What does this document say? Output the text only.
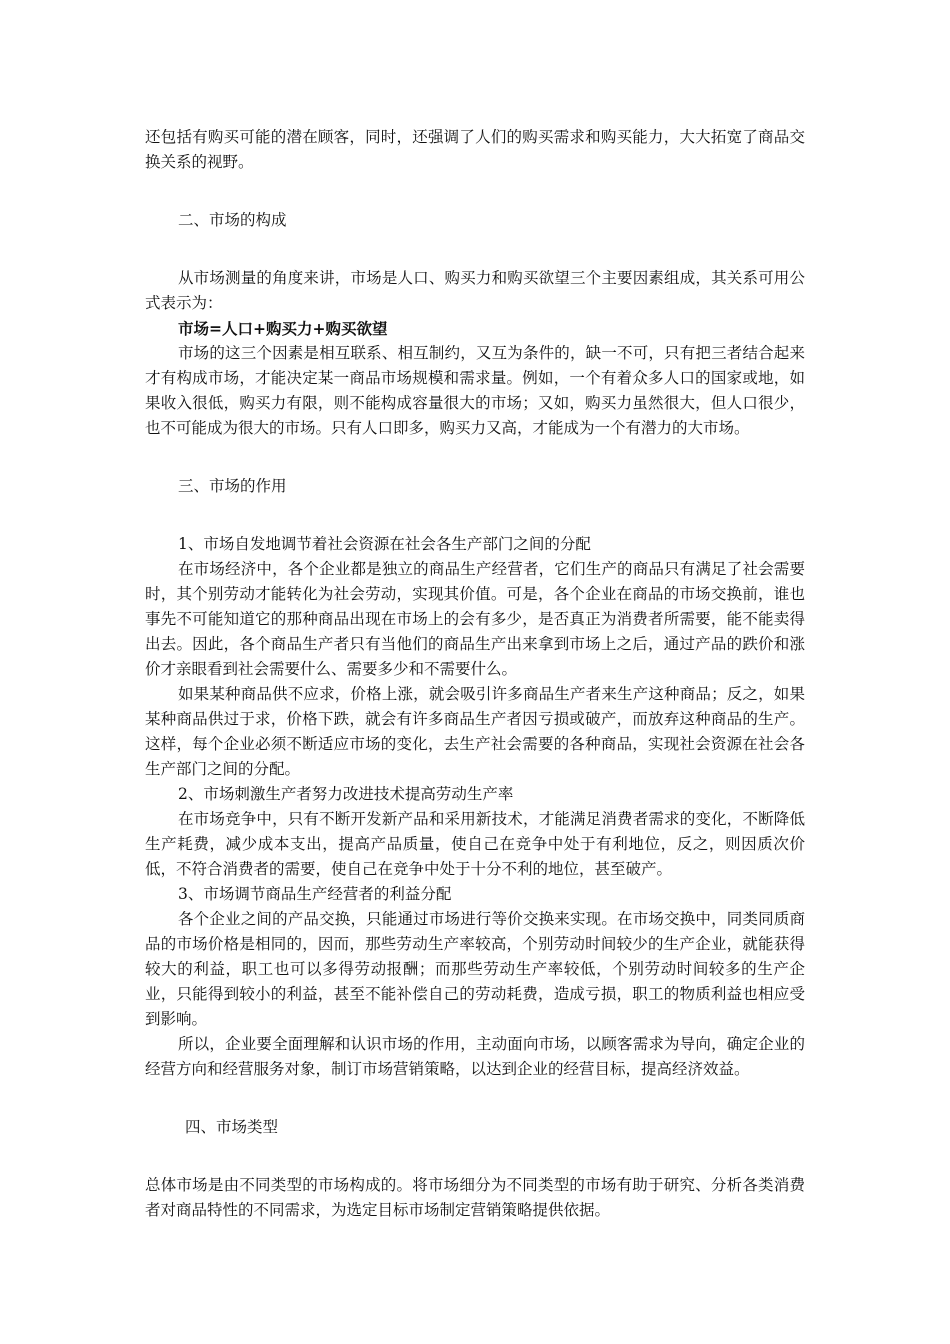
还包括有购买可能的潜在顾客，同时，还强调了人们的购买需求和购买能力，大大拓宽了商品交换关系的视野。

二、市场的构成

从市场测量的角度来讲，市场是人口、购买力和购买欲望三个主要因素组成，其关系可用公式表示为：

市场=人口+购买力+购买欲望

市场的这三个因素是相互联系、相互制约，又互为条件的，缺一不可，只有把三者结合起来才有构成市场，才能决定某一商品市场规模和需求量。例如，一个有着众多人口的国家或地，如果收入很低，购买力有限，则不能构成容量很大的市场；又如，购买力虽然很大，但人口很少，也不可能成为很大的市场。只有人口即多，购买力又高，才能成为一个有潜力的大市场。

三、市场的作用

1、市场自发地调节着社会资源在社会各生产部门之间的分配

在市场经济中，各个企业都是独立的商品生产经营者，它们生产的商品只有满足了社会需要时，其个别劳动才能转化为社会劳动，实现其价值。可是，各个企业在商品的市场交换前，谁也事先不可能知道它的那种商品出现在市场上的会有多少，是否真正为消费者所需要，能不能卖得出去。因此，各个商品生产者只有当他们的商品生产出来拿到市场上之后，通过产品的跌价和涨价才亲眼看到社会需要什么、需要多少和不需要什么。

如果某种商品供不应求，价格上涨，就会吸引许多商品生产者来生产这种商品；反之，如果某种商品供过于求，价格下跌，就会有许多商品生产者因亏损或破产，而放弃这种商品的生产。这样，每个企业必须不断适应市场的变化，去生产社会需要的各种商品，实现社会资源在社会各生产部门之间的分配。

2、市场刺激生产者努力改进技术提高劳动生产率

在市场竞争中，只有不断开发新产品和采用新技术，才能满足消费者需求的变化，不断降低生产耗费，减少成本支出，提高产品质量，使自己在竞争中处于有利地位，反之，则因质次价低，不符合消费者的需要，使自己在竞争中处于十分不利的地位，甚至破产。

3、市场调节商品生产经营者的利益分配

各个企业之间的产品交换，只能通过市场进行等价交换来实现。在市场交换中，同类同质商品的市场价格是相同的，因而，那些劳动生产率较高，个别劳动时间较少的生产企业，就能获得较大的利益，职工也可以多得劳动报酬；而那些劳动生产率较低，个别劳动时间较多的生产企业，只能得到较小的利益，甚至不能补偿自己的劳动耗费，造成亏损，职工的物质利益也相应受到影响。

所以，企业要全面理解和认识市场的作用，主动面向市场，以顾客需求为导向，确定企业的经营方向和经营服务对象，制订市场营销策略，以达到企业的经营目标，提高经济效益。

四、市场类型

总体市场是由不同类型的市场构成的。将市场细分为不同类型的市场有助于研究、分析各类消费者对商品特性的不同需求，为选定目标市场制定营销策略提供依据。
